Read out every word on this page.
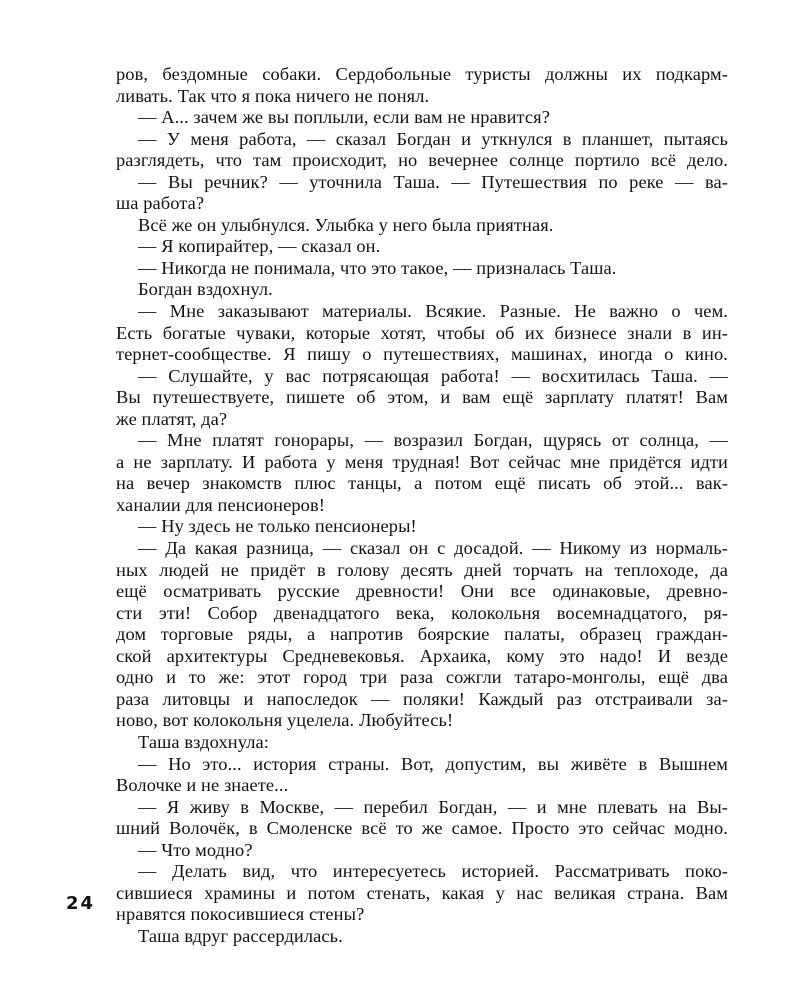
ров, бездомные собаки. Сердобольные туристы должны их подкарм-
ливать. Так что я пока ничего не понял.
— А... зачем же вы поплыли, если вам не нравится?
— У меня работа, — сказал Богдан и уткнулся в планшет, пытаясь
разглядеть, что там происходит, но вечернее солнце портило всё дело.
— Вы речник? — уточнила Таша. — Путешествия по реке — ва-
ша работа?
Всё же он улыбнулся. Улыбка у него была приятная.
— Я копирайтер, — сказал он.
— Никогда не понимала, что это такое, — призналась Таша.
Богдан вздохнул.
— Мне заказывают материалы. Всякие. Разные. Не важно о чем.
Есть богатые чуваки, которые хотят, чтобы об их бизнесе знали в ин-
тернет-сообществе. Я пишу о путешествиях, машинах, иногда о кино.
— Слушайте, у вас потрясающая работа! — восхитилась Таша. —
Вы путешествуете, пишете об этом, и вам ещё зарплату платят! Вам
же платят, да?
— Мне платят гонорары, — возразил Богдан, щурясь от солнца, —
а не зарплату. И работа у меня трудная! Вот сейчас мне придётся идти
на вечер знакомств плюс танцы, а потом ещё писать об этой... вак-
ханалии для пенсионеров!
— Ну здесь не только пенсионеры!
— Да какая разница, — сказал он с досадой. — Никому из нормаль-
ных людей не придёт в голову десять дней торчать на теплоходе, да
ещё осматривать русские древности! Они все одинаковые, древно-
сти эти! Собор двенадцатого века, колокольня восемнадцатого, ря-
дом торговые ряды, а напротив боярские палаты, образец граждан-
ской архитектуры Средневековья. Архаика, кому это надо! И везде
одно и то же: этот город три раза сожгли татаро-монголы, ещё два
раза литовцы и напоследок — поляки! Каждый раз отстраивали за-
ново, вот колокольня уцелела. Любуйтесь!
Таша вздохнула:
— Но это... история страны. Вот, допустим, вы живёте в Вышнем
Волочке и не знаете...
— Я живу в Москве, — перебил Богдан, — и мне плевать на Вы-
шний Волочёк, в Смоленске всё то же самое. Просто это сейчас модно.
— Что модно?
— Делать вид, что интересуетесь историей. Рассматривать поко-
сившиеся храмины и потом стенать, какая у нас великая страна. Вам
нравятся покосившиеся стены?
Таша вдруг рассердилась.
24
